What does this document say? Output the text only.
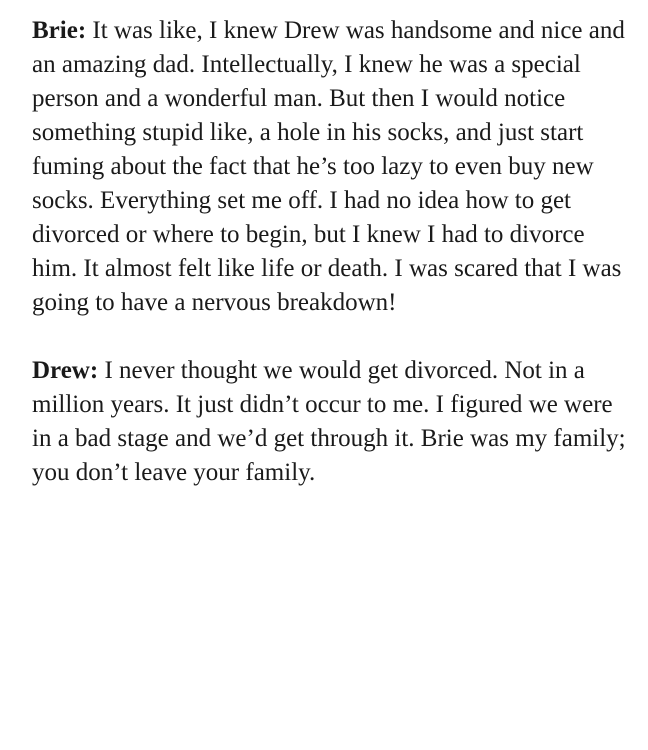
Brie: It was like, I knew Drew was handsome and nice and an amazing dad. Intellectually, I knew he was a special person and a wonderful man. But then I would notice something stupid like, a hole in his socks, and just start fuming about the fact that he’s too lazy to even buy new socks. Everything set me off. I had no idea how to get divorced or where to begin, but I knew I had to divorce him. It almost felt like life or death. I was scared that I was going to have a nervous breakdown!

Drew: I never thought we would get divorced. Not in a million years. It just didn’t occur to me. I figured we were in a bad stage and we’d get through it. Brie was my family; you don’t leave your family.
